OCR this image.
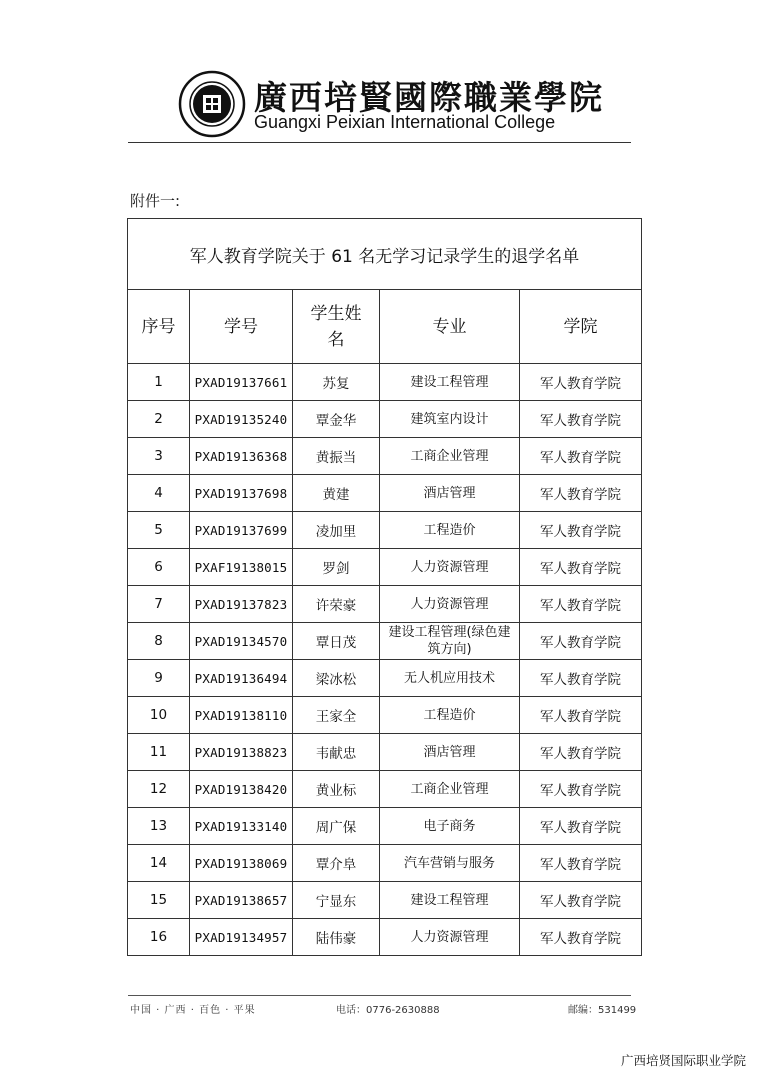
廣西培賢國際職業學院
Guangxi Peixian International College
附件一:
军人教育学院关于 61 名无学习记录学生的退学名单				
序号	学号	学生姓名	专业	学院
1	PXAD19137661	苏复	建设工程管理	军人教育学院
2	PXAD19135240	覃金华	建筑室内设计	军人教育学院
3	PXAD19136368	黄振当	工商企业管理	军人教育学院
4	PXAD19137698	黄建	酒店管理	军人教育学院
5	PXAD19137699	凌加里	工程造价	军人教育学院
6	PXAF19138015	罗剑	人力资源管理	军人教育学院
7	PXAD19137823	许荣豪	人力资源管理	军人教育学院
8	PXAD19134570	覃日茂	建设工程管理(绿色建筑方向)	军人教育学院
9	PXAD19136494	梁冰松	无人机应用技术	军人教育学院
10	PXAD19138110	王家全	工程造价	军人教育学院
11	PXAD19138823	韦献忠	酒店管理	军人教育学院
12	PXAD19138420	黄业标	工商企业管理	军人教育学院
13	PXAD19133140	周广保	电子商务	军人教育学院
14	PXAD19138069	覃介阜	汽车营销与服务	军人教育学院
15	PXAD19138657	宁显东	建设工程管理	军人教育学院
16	PXAD19134957	陆伟豪	人力资源管理	军人教育学院
中国 · 广西 · 百色 · 平果	电话：0776-2630888	邮编：531499
广西培贤国际职业学院
